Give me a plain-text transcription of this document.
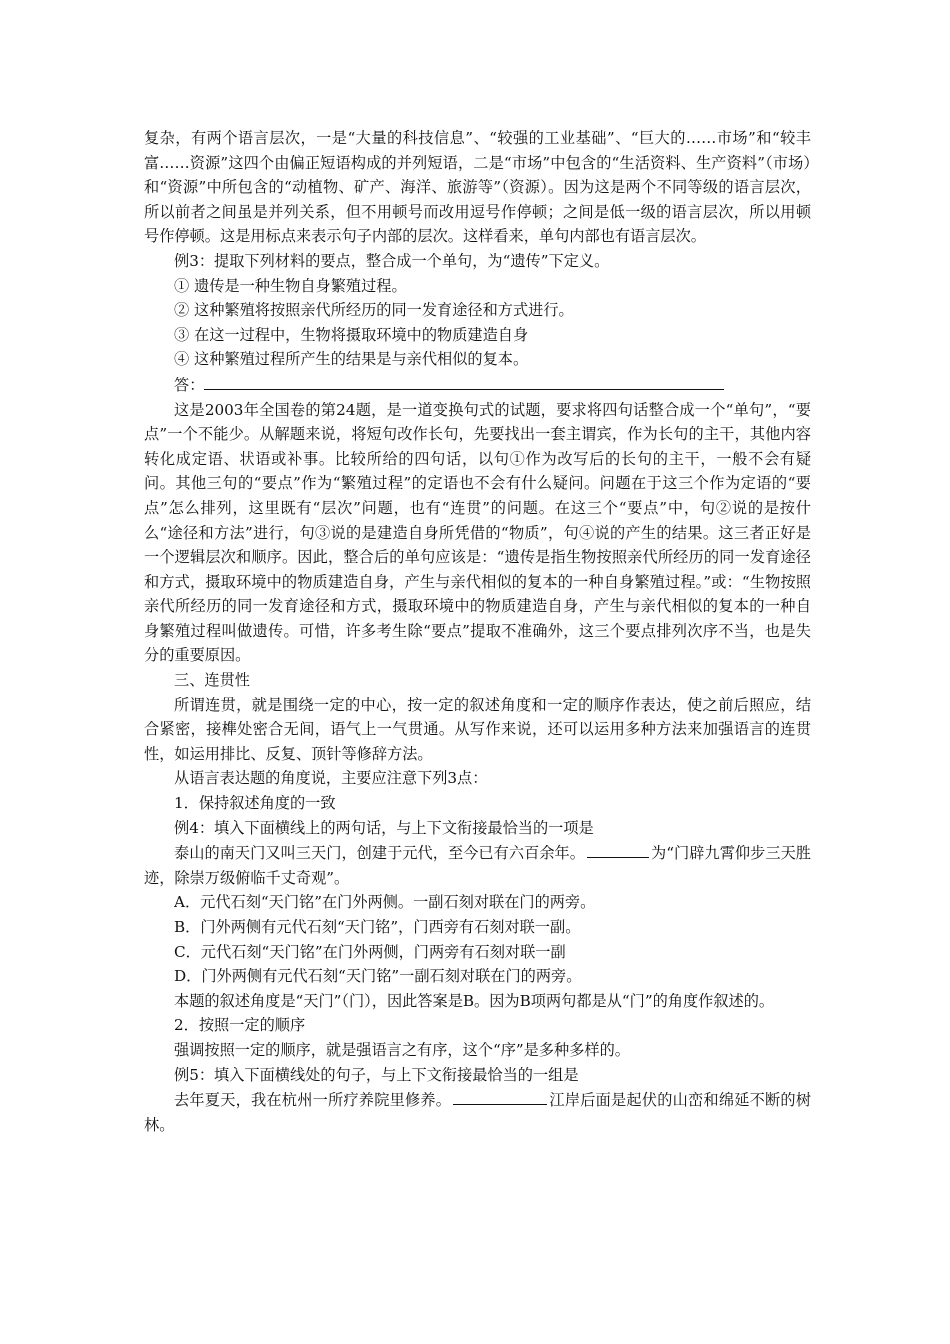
复杂，有两个语言层次，一是“大量的科技信息”、“较强的工业基础”、“巨大的……市场”和“较丰富……资源”这四个由偏正短语构成的并列短语，二是“市场”中包含的“生活资料、生产资料”（市场）和“资源”中所包含的“动植物、矿产、海洋、旅游等”（资源）。因为这是两个不同等级的语言层次，所以前者之间虽是并列关系，但不用顿号而改用逗号作停顿；之间是低一级的语言层次，所以用顿号作停顿。这是用标点来表示句子内部的层次。这样看来，单句内部也有语言层次。

例3：提取下列材料的要点，整合成一个单句，为“遗传”下定义。

① 遗传是一种生物自身繁殖过程。

② 这种繁殖将按照亲代所经历的同一发育途径和方式进行。

③ 在这一过程中，生物将摄取环境中的物质建造自身

④ 这种繁殖过程所产生的结果是与亲代相似的复本。

答：

这是2003年全国卷的第24题，是一道变换句式的试题，要求将四句话整合成一个“单句”，“要点”一个不能少。从解题来说，将短句改作长句，先要找出一套主谓宾，作为长句的主干，其他内容转化成定语、状语或补事。比较所给的四句话，以句①作为改写后的长句的主干，一般不会有疑问。其他三句的“要点”作为“繁殖过程”的定语也不会有什么疑问。问题在于这三个作为定语的“要点”怎么排列，这里既有“层次”问题，也有“连贯”的问题。在这三个“要点”中，句②说的是按什么“途径和方法”进行，句③说的是建造自身所凭借的“物质”，句④说的产生的结果。这三者正好是一个逻辑层次和顺序。因此，整合后的单句应该是：“遗传是指生物按照亲代所经历的同一发育途径和方式，摄取环境中的物质建造自身，产生与亲代相似的复本的一种自身繁殖过程。”或：“生物按照亲代所经历的同一发育途径和方式，摄取环境中的物质建造自身，产生与亲代相似的复本的一种自身繁殖过程叫做遗传。可惜，许多考生除“要点”提取不准确外，这三个要点排列次序不当，也是失分的重要原因。

三、连贯性

所谓连贯，就是围绕一定的中心，按一定的叙述角度和一定的顺序作表达，使之前后照应，结合紧密，接榫处密合无间，语气上一气贯通。从写作来说，还可以运用多种方法来加强语言的连贯性，如运用排比、反复、顶针等修辞方法。

从语言表达题的角度说，主要应注意下列3点：

1．保持叙述角度的一致

例4：填入下面横线上的两句话，与上下文衔接最恰当的一项是

泰山的南天门又叫三天门，创建于元代，至今已有六百余年。	为“门辟九霄仰步三天胜迹，除崇万级俯临千丈奇观”。

A．元代石刻“天门铭”在门外两侧。一副石刻对联在门的两旁。

B．门外两侧有元代石刻“天门铭”，门西旁有石刻对联一副。

C．元代石刻“天门铭”在门外两侧，门两旁有石刻对联一副

D．门外两侧有元代石刻“天门铭”一副石刻对联在门的两旁。

本题的叙述角度是“天门”（门），因此答案是B。因为B项两句都是从“门”的角度作叙述的。

2．按照一定的顺序

强调按照一定的顺序，就是强语言之有序，这个“序”是多种多样的。

例5：填入下面横线处的句子，与上下文衔接最恰当的一组是

去年夏天，我在杭州一所疗养院里修养。	江岸后面是起伏的山峦和绵延不断的树林。
